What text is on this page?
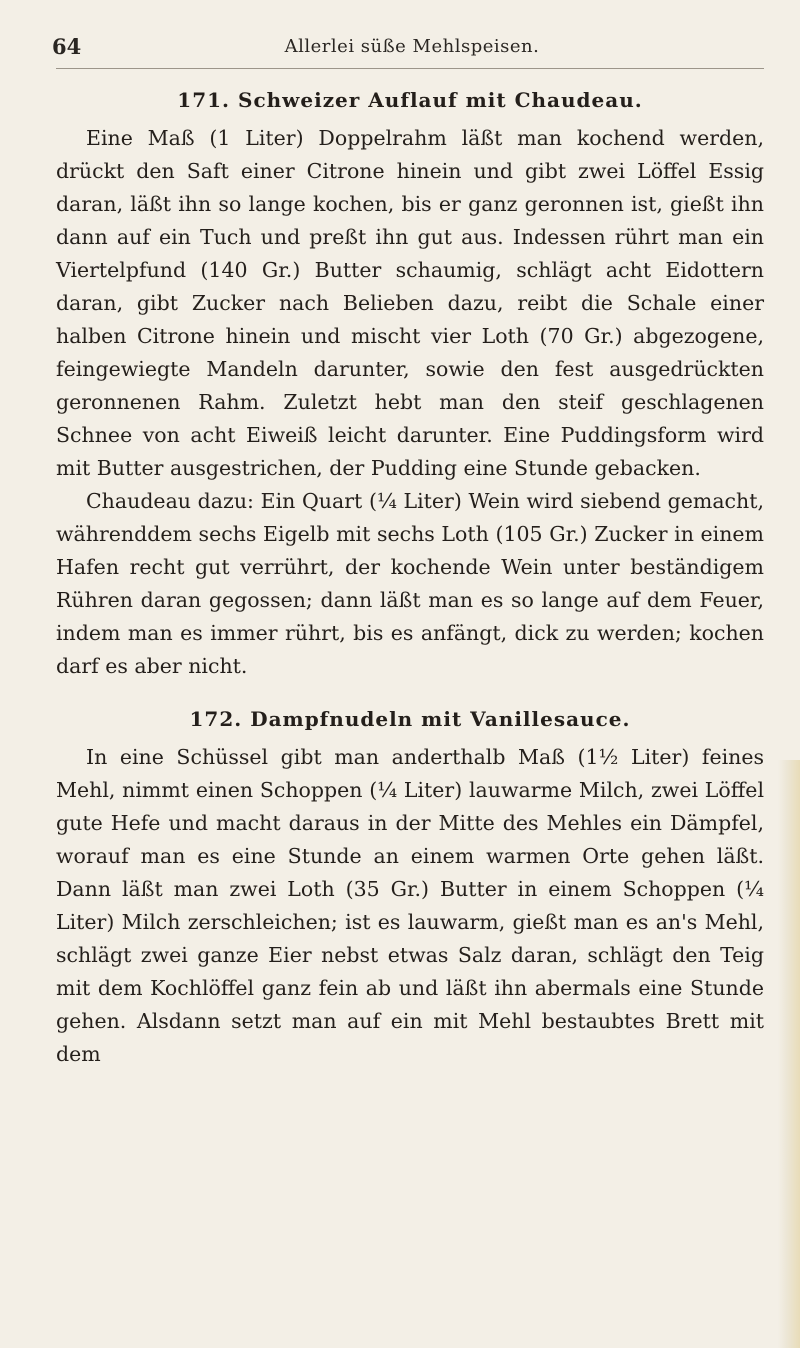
64	Allerlei süße Mehlspeisen.
171. Schweizer Auflauf mit Chaudeau.

Eine Maß (1 Liter) Doppelrahm läßt man kochend werden, drückt den Saft einer Citrone hinein und gibt zwei Löffel Essig daran, läßt ihn so lange kochen, bis er ganz geronnen ist, gießt ihn dann auf ein Tuch und preßt ihn gut aus. Indessen rührt man ein Viertelpfund (140 Gr.) Butter schaumig, schlägt acht Eidottern daran, gibt Zucker nach Belieben dazu, reibt die Schale einer halben Citrone hinein und mischt vier Loth (70 Gr.) abgezogene, feingewiegte Mandeln darunter, sowie den fest ausgedrückten geronnenen Rahm. Zuletzt hebt man den steif geschlagenen Schnee von acht Eiweiß leicht darunter. Eine Puddingsform wird mit Butter ausgestrichen, der Pudding eine Stunde gebacken.

Chaudeau dazu: Ein Quart (¼ Liter) Wein wird siebend gemacht, währenddem sechs Eigelb mit sechs Loth (105 Gr.) Zucker in einem Hafen recht gut verrührt, der kochende Wein unter beständigem Rühren daran gegossen; dann läßt man es so lange auf dem Feuer, indem man es immer rührt, bis es anfängt, dick zu werden; kochen darf es aber nicht.

172. Dampfnudeln mit Vanillesauce.

In eine Schüssel gibt man anderthalb Maß (1½ Liter) feines Mehl, nimmt einen Schoppen (¼ Liter) lauwarme Milch, zwei Löffel gute Hefe und macht daraus in der Mitte des Mehles ein Dämpfel, worauf man es eine Stunde an einem warmen Orte gehen läßt. Dann läßt man zwei Loth (35 Gr.) Butter in einem Schoppen (¼ Liter) Milch zerschleichen; ist es lauwarm, gießt man es an's Mehl, schlägt zwei ganze Eier nebst etwas Salz daran, schlägt den Teig mit dem Kochlöffel ganz fein ab und läßt ihn abermals eine Stunde gehen. Alsdann setzt man auf ein mit Mehl bestaubtes Brett mit dem
